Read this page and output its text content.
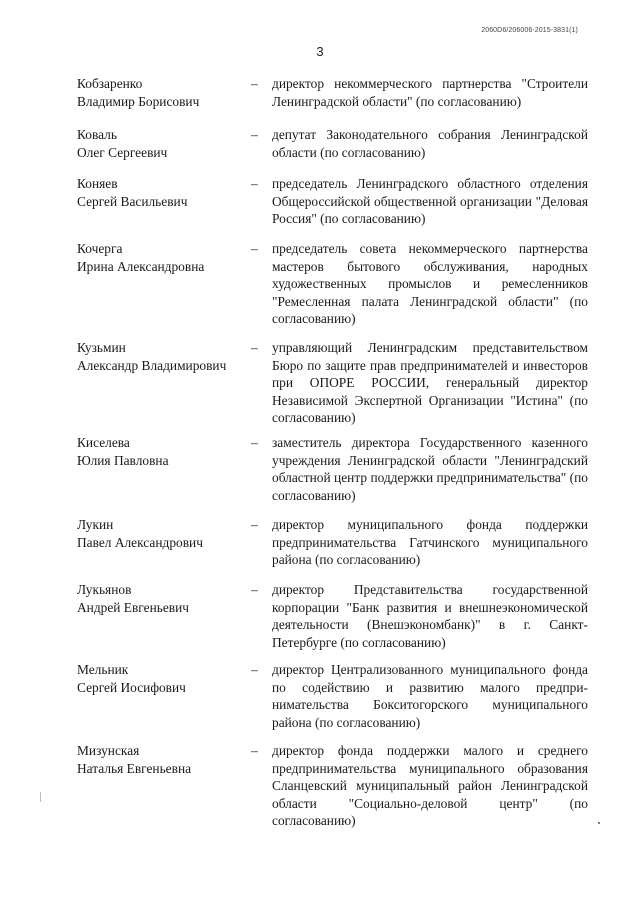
2060D6/206006-2015-3831(1)
3
Кобзаренко
Владимир Борисович
– директор некоммерческого партнерства "Строители Ленинградской области" (по согласованию)
Коваль
Олег Сергеевич
– депутат Законодательного собрания Ленинградской области (по согласованию)
Коняев
Сергей Васильевич
– председатель Ленинградского областного отделения Общероссийской общественной организации "Деловая Россия" (по согласованию)
Кочерга
Ирина Александровна
– председатель совета некоммерческого партнерства мастеров бытового обслуживания, народных художественных промыслов и ремесленников "Ремесленная палата Ленинградской области" (по согласованию)
Кузьмин
Александр Владимирович
– управляющий Ленинградским представительством Бюро по защите прав предпринимателей и инвесторов при ОПОРЕ РОССИИ, генеральный директор Независимой Экспертной Организации "Истина" (по согласованию)
Киселева
Юлия Павловна
– заместитель директора Государственного казенного учреждения Ленинградской области "Ленинградский областной центр поддержки предпринимательства" (по согласованию)
Лукин
Павел Александрович
– директор муниципального фонда поддержки предпринимательства Гатчинского муниципального района (по согласованию)
Лукьянов
Андрей Евгеньевич
– директор Представительства государственной корпорации "Банк развития и внешнеэкономической деятельности (Внешэкономбанк)" в г. Санкт-Петербурге (по согласованию)
Мельник
Сергей Иосифович
– директор Централизованного муниципального фонда по содействию и развитию малого предпринимательства Бокситогорского муниципального района (по согласованию)
Мизунская
Наталья Евгеньевна
– директор фонда поддержки малого и среднего предпринимательства муниципального образования Сланцевский муниципальный район Ленинградской области "Социально-деловой центр" (по согласованию)
